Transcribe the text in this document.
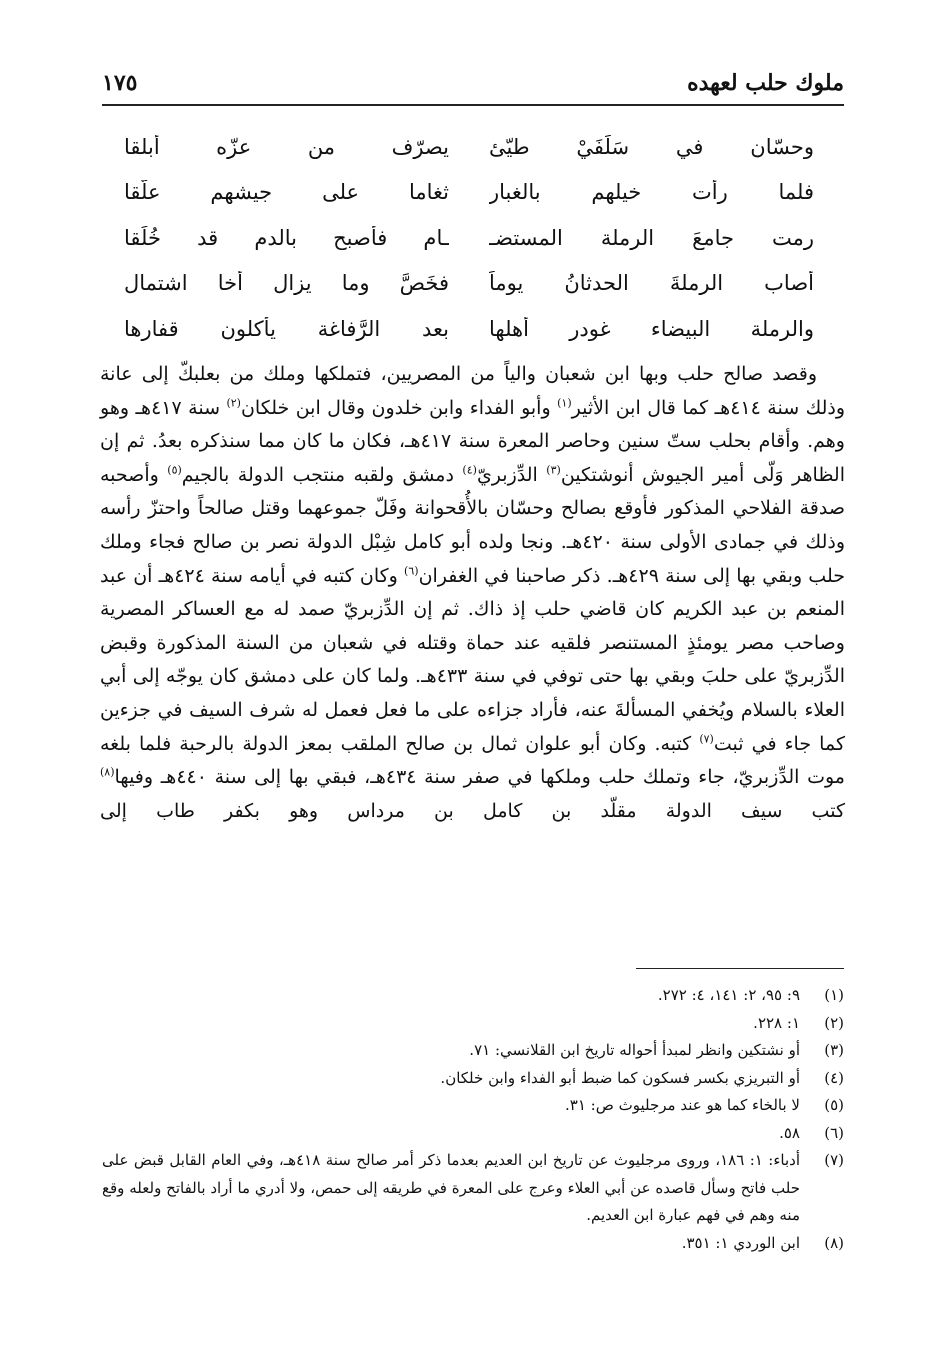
ملوك حلب لعهده
١٧٥
وحسّان في سَلَفَيْ طيّئ
يصرّف من عزّه أبلقا
فلما رأت خيلهم بالغبار
ثغاما على جيشهم علّقا
رمت جامعَ الرملة المستضـ
ـام فأصبح بالدم قد خُلِّقا
أصاب الرملةَ الحدثانُ يوماً
فخَصَّ وما يزال أخا اشتمال
والرملة البيضاء غودر أهلها
بعد الرَّفاغة يأكلون قفارها

وقصد صالح حلب وبها ابن شعبان والياً من المصريين، فتملكها وملك من بعلبكّ إلى عانة وذلك سنة ٤١٤هـ كما قال ابن الأثير$^{(١)}$ وأبو الفداء وابن خلدون وقال ابن خلكان$^{(٢)}$ سنة ٤١٧هـ وهو وهم. وأقام بحلب ستّ سنين وحاصر المعرة سنة ٤١٧هـ، فكان ما كان مما سنذكره بعدُ. ثم إن الظاهر وَلّى أمير الجيوش أنوشتكين$^{(٣)}$ الدِّزبريّ$^{(٤)}$ دمشق ولقبه منتجب الدولة بالجيم$^{(٥)}$ وأصحبه صدقة الفلاحي المذكور فأوقع بصالح وحسّان بالأُقحوانة وفَلّ جموعهما وقتل صالحاً واحتزّ رأسه وذلك في جمادى الأولى سنة ٤٢٠هـ. ونجا ولده أبو كامل شِبْل الدولة نصر بن صالح فجاء وملك حلب وبقي بها إلى سنة ٤٢٩هـ. ذكر صاحبنا في الغفران$^{(٦)}$ وكان كتبه في أيامه سنة ٤٢٤هـ أن عبد المنعم بن عبد الكريم كان قاضي حلب إذ ذاك. ثم إن الدِّزبريّ صمد له مع العساكر المصرية وصاحب مصر يومئذٍ المستنصر فلقيه عند حماة وقتله في شعبان من السنة المذكورة وقبض الدِّزبريّ على حلبَ وبقي بها حتى توفي في سنة ٤٣٣هـ. ولما كان على دمشق كان يوجّه إلى أبي العلاء بالسلام ويُخفي المسألةَ عنه، فأراد جزاءه على ما فعل فعمل له شرف السيف في جزءين كما جاء في ثبت$^{(٧)}$ كتبه. وكان أبو علوان ثمال بن صالح الملقب بمعز الدولة بالرحبة فلما بلغه موت الدِّزبريّ، جاء وتملك حلب وملكها في صفر سنة ٤٣٤هـ، فبقي بها إلى سنة ٤٤٠هـ وفيها$^{(٨)}$ كتب سيف الدولة مقلّد بن كامل بن مرداس وهو بكفر طاب إلى

(١)
٩: ٩٥، ٢: ١٤١، ٤: ٢٧٢.
(٢)
١: ٢٢٨.
(٣)
أو نشتكين وانظر لمبدأ أحواله تاريخ ابن القلانسي: ٧١.
(٤)
أو التبريزي بكسر فسكون كما ضبط أبو الفداء وابن خلكان.
(٥)
لا بالخاء كما هو عند مرجليوث ص: ٣١.
(٦)
٥٨.
(٧)
أدباء: ١: ١٨٦، وروى مرجليوث عن تاريخ ابن العديم بعدما ذكر أمر صالح سنة ٤١٨هـ، وفي العام القابل قبض على حلب فاتح وسأل قاصده عن أبي العلاء وعرج على المعرة في طريقه إلى حمص، ولا أدري ما أراد بالفاتح ولعله وقع منه وهم في فهم عبارة ابن العديم.
(٨)
ابن الوردي ١: ٣٥١.
